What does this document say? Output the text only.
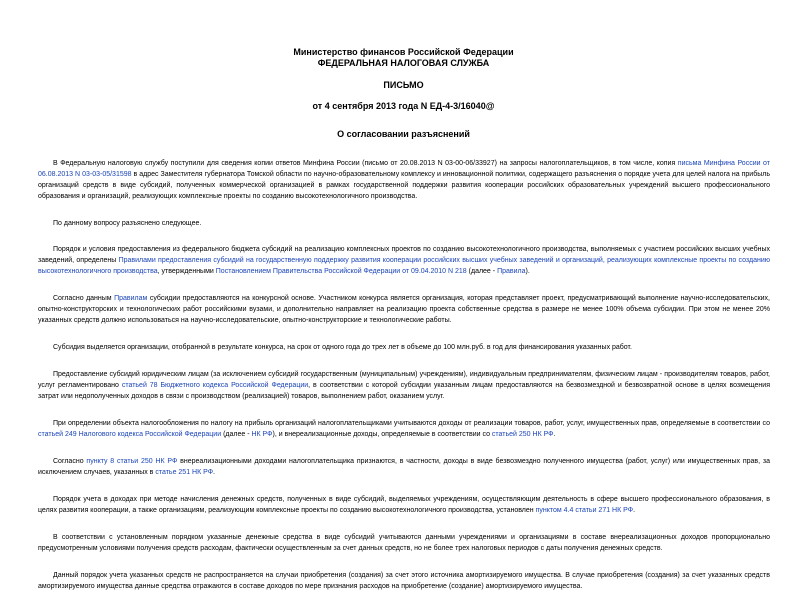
Министерство финансов Российской Федерации
ФЕДЕРАЛЬНАЯ НАЛОГОВАЯ СЛУЖБА
ПИСЬМО
от 4 сентября 2013 года N ЕД-4-3/16040@
О согласовании разъяснений

В Федеральную налоговую службу поступили для сведения копии ответов Минфина России (письмо от 20.08.2013 N 03-00-06/33927) на запросы налогоплательщиков, в том числе, копия письма Минфина России от 06.08.2013 N 03-03-05/31598 в адрес Заместителя губернатора Томской области по научно-образовательному комплексу и инновационной политики, содержащего разъяснения о порядке учета для целей налога на прибыль организаций средств в виде субсидий, полученных коммерческой организацией в рамках государственной поддержки развития кооперации российских образовательных учреждений высшего профессионального образования и организаций, реализующих комплексные проекты по созданию высокотехнологичного производства.

По данному вопросу разъяснено следующее.

Порядок и условия предоставления из федерального бюджета субсидий на реализацию комплексных проектов по созданию высокотехнологичного производства, выполняемых с участием российских высших учебных заведений, определены Правилами предоставления субсидий на государственную поддержку развития кооперации российских высших учебных заведений и организаций, реализующих комплексные проекты по созданию высокотехнологичного производства, утвержденными Постановлением Правительства Российской Федерации от 09.04.2010 N 218 (далее - Правила).

Согласно данным Правилам субсидии предоставляются на конкурсной основе. Участником конкурса является организация, которая представляет проект, предусматривающий выполнение научно-исследовательских, опытно-конструкторских и технологических работ российскими вузами, и дополнительно направляет на реализацию проекта собственные средства в размере не менее 100% объема субсидии. При этом не менее 20% указанных средств должно использоваться на научно-исследовательские, опытно-конструкторские и технологические работы.

Субсидия выделяется организации, отобранной в результате конкурса, на срок от одного года до трех лет в объеме до 100 млн.руб. в год для финансирования указанных работ.

Предоставление субсидий юридическим лицам (за исключением субсидий государственным (муниципальным) учреждениям), индивидуальным предпринимателям, физическим лицам - производителям товаров, работ, услуг регламентировано статьей 78 Бюджетного кодекса Российской Федерации, в соответствии с которой субсидии указанным лицам предоставляются на безвозмездной и безвозвратной основе в целях возмещения затрат или недополученных доходов в связи с производством (реализацией) товаров, выполнением работ, оказанием услуг.

При определении объекта налогообложения по налогу на прибыль организаций налогоплательщиками учитываются доходы от реализации товаров, работ, услуг, имущественных прав, определяемые в соответствии со статьей 249 Налогового кодекса Российской Федерации (далее - НК РФ), и внереализационные доходы, определяемые в соответствии со статьей 250 НК РФ.

Согласно пункту 8 статьи 250 НК РФ внереализационными доходами налогоплательщика признаются, в частности, доходы в виде безвозмездно полученного имущества (работ, услуг) или имущественных прав, за исключением случаев, указанных в статье 251 НК РФ.

Порядок учета в доходах при методе начисления денежных средств, полученных в виде субсидий, выделяемых учреждениям, осуществляющим деятельность в сфере высшего профессионального образования, в целях развития кооперации, а также организациям, реализующим комплексные проекты по созданию высокотехнологичного производства, установлен пунктом 4.4 статьи 271 НК РФ.

В соответствии с установленным порядком указанные денежные средства в виде субсидий учитываются данными учреждениями и организациями в составе внереализационных доходов пропорционально предусмотренным условиями получения средств расходам, фактически осуществленным за счет данных средств, но не более трех налоговых периодов с даты получения денежных средств.

Данный порядок учета указанных средств не распространяется на случаи приобретения (создания) за счет этого источника амортизируемого имущества. В случае приобретения (создания) за счет указанных средств амортизируемого имущества данные средства отражаются в составе доходов по мере признания расходов на приобретение (создание) амортизируемого имущества.
